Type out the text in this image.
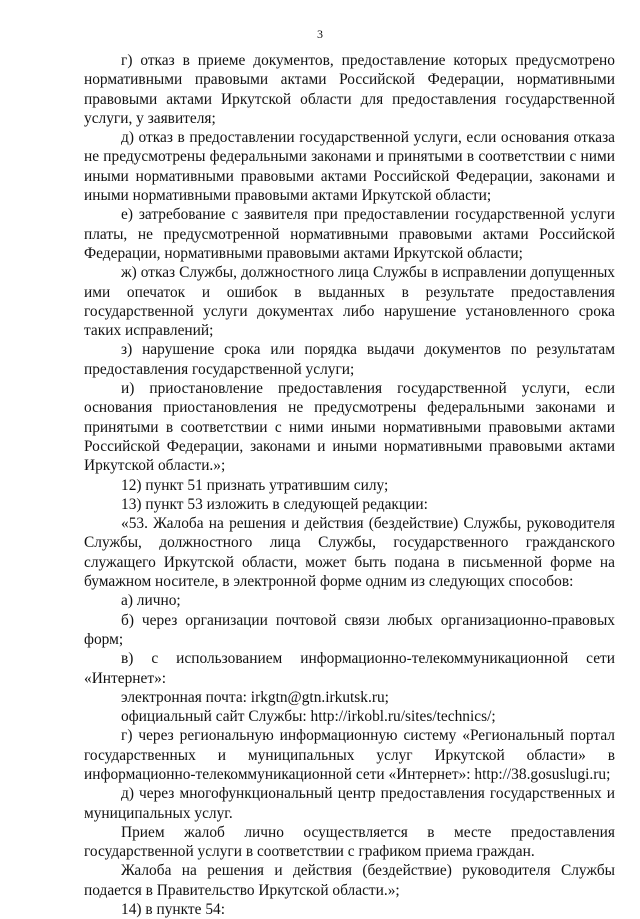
3

г) отказ в приеме документов, предоставление которых предусмотрено нормативными правовыми актами Российской Федерации, нормативными правовыми актами Иркутской области для предоставления государственной услуги, у заявителя;

д) отказ в предоставлении государственной услуги, если основания отказа не предусмотрены федеральными законами и принятыми в соответствии с ними иными нормативными правовыми актами Российской Федерации, законами и иными нормативными правовыми актами Иркутской области;

е) затребование с заявителя при предоставлении государственной услуги платы, не предусмотренной нормативными правовыми актами Российской Федерации, нормативными правовыми актами Иркутской области;

ж) отказ Службы, должностного лица Службы в исправлении допущенных ими опечаток и ошибок в выданных в результате предоставления государственной услуги документах либо нарушение установленного срока таких исправлений;

з) нарушение срока или порядка выдачи документов по результатам предоставления государственной услуги;

и) приостановление предоставления государственной услуги, если основания приостановления не предусмотрены федеральными законами и принятыми в соответствии с ними иными нормативными правовыми актами Российской Федерации, законами и иными нормативными правовыми актами Иркутской области.»;

12) пункт 51 признать утратившим силу;

13) пункт 53 изложить в следующей редакции:

«53. Жалоба на решения и действия (бездействие) Службы, руководителя Службы, должностного лица Службы, государственного гражданского служащего Иркутской области, может быть подана в письменной форме на бумажном носителе, в электронной форме одним из следующих способов:

а) лично;

б) через организации почтовой связи любых организационно-правовых форм;

в) с использованием информационно-телекоммуникационной сети «Интернет»:

электронная почта: irkgtn@gtn.irkutsk.ru;

официальный сайт Службы: http://irkobl.ru/sites/technics/;

г) через региональную информационную систему «Региональный портал государственных и муниципальных услуг Иркутской области» в информационно-телекоммуникационной сети «Интернет»: http://38.gosuslugi.ru;

д) через многофункциональный центр предоставления государственных и муниципальных услуг.

Прием жалоб лично осуществляется в месте предоставления государственной услуги в соответствии с графиком приема граждан.

Жалоба на решения и действия (бездействие) руководителя Службы подается в Правительство Иркутской области.»;

14) в пункте 54:
